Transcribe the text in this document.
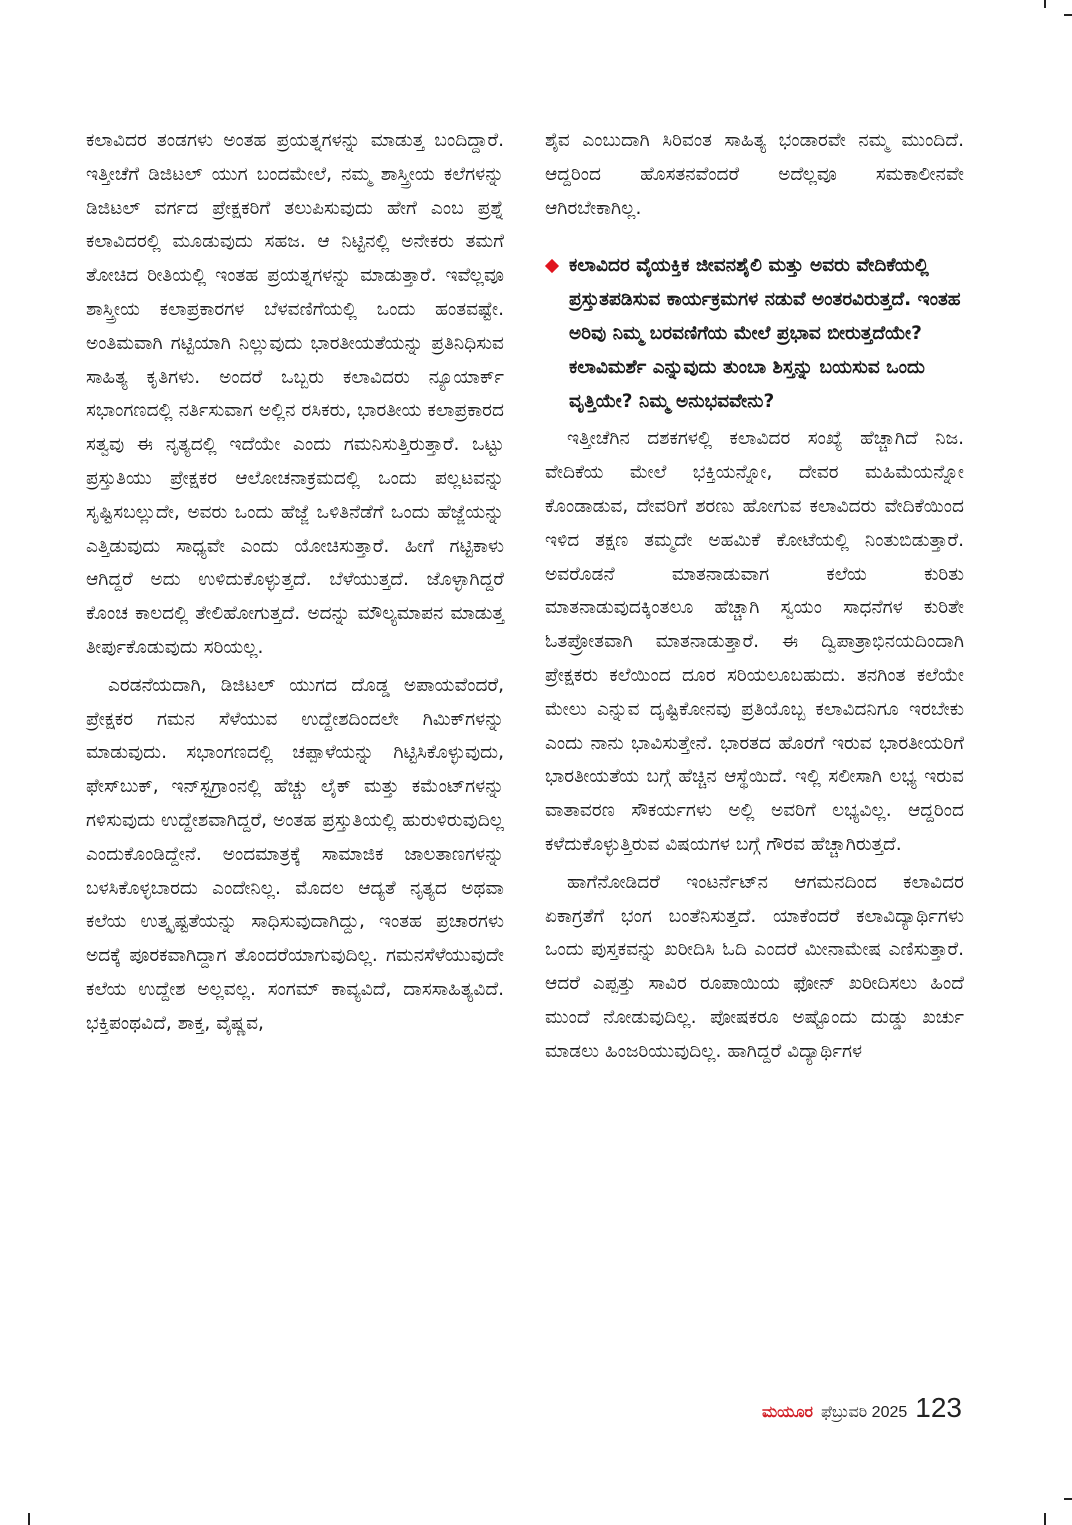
ಕಲಾವಿದರ ತಂಡಗಳು ಅಂತಹ ಪ್ರಯತ್ನಗಳನ್ನು ಮಾಡುತ್ತ ಬಂದಿದ್ದಾರೆ. ಇತ್ತೀಚೆಗೆ ಡಿಜಿಟಲ್ ಯುಗ ಬಂದಮೇಲೆ, ನಮ್ಮ ಶಾಸ್ತ್ರೀಯ ಕಲೆಗಳನ್ನು ಡಿಜಿಟಲ್ ವರ್ಗದ ಪ್ರೇಕ್ಷಕರಿಗೆ ತಲುಪಿಸುವುದು ಹೇಗೆ ಎಂಬ ಪ್ರಶ್ನೆ ಕಲಾವಿದರಲ್ಲಿ ಮೂಡುವುದು ಸಹಜ. ಆ ನಿಟ್ಟಿನಲ್ಲಿ ಅನೇಕರು ತಮಗೆ ತೋಚಿದ ರೀತಿಯಲ್ಲಿ ಇಂತಹ ಪ್ರಯತ್ನಗಳನ್ನು ಮಾಡುತ್ತಾರೆ. ಇವೆಲ್ಲವೂ ಶಾಸ್ತ್ರೀಯ ಕಲಾಪ್ರಕಾರಗಳ ಬೆಳವಣಿಗೆಯಲ್ಲಿ ಒಂದು ಹಂತವಷ್ಟೇ. ಅಂತಿಮವಾಗಿ ಗಟ್ಟಿಯಾಗಿ ನಿಲ್ಲುವುದು ಭಾರತೀಯತೆಯನ್ನು ಪ್ರತಿನಿಧಿಸುವ ಸಾಹಿತ್ಯ ಕೃತಿಗಳು. ಅಂದರೆ ಒಬ್ಬರು ಕಲಾವಿದರು ನ್ಯೂಯಾರ್ಕ್ ಸಭಾಂಗಣದಲ್ಲಿ ನರ್ತಿಸುವಾಗ ಅಲ್ಲಿನ ರಸಿಕರು, ಭಾರತೀಯ ಕಲಾಪ್ರಕಾರದ ಸತ್ವವು ಈ ನೃತ್ಯದಲ್ಲಿ ಇದೆಯೇ ಎಂದು ಗಮನಿಸುತ್ತಿರುತ್ತಾರೆ. ಒಟ್ಟು ಪ್ರಸ್ತುತಿಯು ಪ್ರೇಕ್ಷಕರ ಆಲೋಚನಾಕ್ರಮದಲ್ಲಿ ಒಂದು ಪಲ್ಲಟವನ್ನು ಸೃಷ್ಟಿಸಬಲ್ಲುದೇ, ಅವರು ಒಂದು ಹೆಜ್ಜೆ ಒಳಿತಿನೆಡೆಗೆ ಒಂದು ಹೆಜ್ಜೆಯನ್ನು ಎತ್ತಿಡುವುದು ಸಾಧ್ಯವೇ ಎಂದು ಯೋಚಿಸುತ್ತಾರೆ. ಹೀಗೆ ಗಟ್ಟಿಕಾಳು ಆಗಿದ್ದರೆ ಅದು ಉಳಿದುಕೊಳ್ಳುತ್ತದೆ. ಬೆಳೆಯುತ್ತದೆ. ಜೊಳ್ಳಾಗಿದ್ದರೆ ಕೊಂಚ ಕಾಲದಲ್ಲಿ ತೇಲಿಹೋಗುತ್ತದೆ. ಅದನ್ನು ಮೌಲ್ಯಮಾಪನ ಮಾಡುತ್ತ ತೀರ್ಪುಕೊಡುವುದು ಸರಿಯಲ್ಲ.

ಎರಡನೆಯದಾಗಿ, ಡಿಜಿಟಲ್ ಯುಗದ ದೊಡ್ಡ ಅಪಾಯವೆಂದರೆ, ಪ್ರೇಕ್ಷಕರ ಗಮನ ಸೆಳೆಯುವ ಉದ್ದೇಶದಿಂದಲೇ ಗಿಮಿಕ್‌ಗಳನ್ನು ಮಾಡುವುದು. ಸಭಾಂಗಣದಲ್ಲಿ ಚಪ್ಪಾಳೆಯನ್ನು ಗಿಟ್ಟಿಸಿಕೊಳ್ಳುವುದು, ಫೇಸ್‌ಬುಕ್, ಇನ್‌ಸ್ಟಗ್ರಾಂನಲ್ಲಿ ಹೆಚ್ಚು ಲೈಕ್ ಮತ್ತು ಕಮೆಂಟ್‌ಗಳನ್ನು ಗಳಿಸುವುದು ಉದ್ದೇಶವಾಗಿದ್ದರೆ, ಅಂತಹ ಪ್ರಸ್ತುತಿಯಲ್ಲಿ ಹುರುಳಿರುವುದಿಲ್ಲ ಎಂದುಕೊಂಡಿದ್ದೇನೆ. ಅಂದಮಾತ್ರಕ್ಕೆ ಸಾಮಾಜಿಕ ಜಾಲತಾಣಗಳನ್ನು ಬಳಸಿಕೊಳ್ಳಬಾರದು ಎಂದೇನಿಲ್ಲ. ಮೊದಲ ಆದ್ಯತೆ ನೃತ್ಯದ ಅಥವಾ ಕಲೆಯ ಉತ್ಕೃಷ್ಟತೆಯನ್ನು ಸಾಧಿಸುವುದಾಗಿದ್ದು, ಇಂತಹ ಪ್ರಚಾರಗಳು ಅದಕ್ಕೆ ಪೂರಕವಾಗಿದ್ದಾಗ ತೊಂದರೆಯಾಗುವುದಿಲ್ಲ. ಗಮನಸೆಳೆಯುವುದೇ ಕಲೆಯ ಉದ್ದೇಶ ಅಲ್ಲವಲ್ಲ. ಸಂಗಮ್ ಕಾವ್ಯವಿದೆ, ದಾಸಸಾಹಿತ್ಯವಿದೆ. ಭಕ್ತಿಪಂಥವಿದೆ, ಶಾಕ್ತ, ವೈಷ್ಣವ,

ಶೈವ ಎಂಬುದಾಗಿ ಸಿರಿವಂತ ಸಾಹಿತ್ಯ ಭಂಡಾರವೇ ನಮ್ಮ ಮುಂದಿದೆ. ಆದ್ದರಿಂದ ಹೊಸತನವೆಂದರೆ ಅದೆಲ್ಲವೂ ಸಮಕಾಲೀನವೇ ಆಗಿರಬೇಕಾಗಿಲ್ಲ.

ಕಲಾವಿದರ ವೈಯಕ್ತಿಕ ಜೀವನಶೈಲಿ ಮತ್ತು ಅವರು ವೇದಿಕೆಯಲ್ಲಿ ಪ್ರಸ್ತುತಪಡಿಸುವ ಕಾರ್ಯಕ್ರಮಗಳ ನಡುವೆ ಅಂತರವಿರುತ್ತದೆ. ಇಂತಹ ಅರಿವು ನಿಮ್ಮ ಬರವಣಿಗೆಯ ಮೇಲೆ ಪ್ರಭಾವ ಬೀರುತ್ತದೆಯೇ? ಕಲಾವಿಮರ್ಶೆ ಎನ್ನುವುದು ತುಂಬಾ ಶಿಸ್ತನ್ನು ಬಯಸುವ ಒಂದು ವೃತ್ತಿಯೇ? ನಿಮ್ಮ ಅನುಭವವೇನು?

ಇತ್ತೀಚೆಗಿನ ದಶಕಗಳಲ್ಲಿ ಕಲಾವಿದರ ಸಂಖ್ಯೆ ಹೆಚ್ಚಾಗಿದೆ ನಿಜ. ವೇದಿಕೆಯ ಮೇಲೆ ಭಕ್ತಿಯನ್ನೋ, ದೇವರ ಮಹಿಮೆಯನ್ನೋ ಕೊಂಡಾಡುವ, ದೇವರಿಗೆ ಶರಣು ಹೋಗುವ ಕಲಾವಿದರು ವೇದಿಕೆಯಿಂದ ಇಳಿದ ತಕ್ಷಣ ತಮ್ಮದೇ ಅಹಮಿಕೆ ಕೋಟೆಯಲ್ಲಿ ನಿಂತುಬಿಡುತ್ತಾರೆ. ಅವರೊಡನೆ ಮಾತನಾಡುವಾಗ ಕಲೆಯ ಕುರಿತು ಮಾತನಾಡುವುದಕ್ಕಿಂತಲೂ ಹೆಚ್ಚಾಗಿ ಸ್ವಯಂ ಸಾಧನೆಗಳ ಕುರಿತೇ ಓತಪ್ರೋತವಾಗಿ ಮಾತನಾಡುತ್ತಾರೆ. ಈ ದ್ವಿಪಾತ್ರಾಭಿನಯದಿಂದಾಗಿ ಪ್ರೇಕ್ಷಕರು ಕಲೆಯಿಂದ ದೂರ ಸರಿಯಲೂಬಹುದು. ತನಗಿಂತ ಕಲೆಯೇ ಮೇಲು ಎನ್ನುವ ದೃಷ್ಟಿಕೋನವು ಪ್ರತಿಯೊಬ್ಬ ಕಲಾವಿದನಿಗೂ ಇರಬೇಕು ಎಂದು ನಾನು ಭಾವಿಸುತ್ತೇನೆ. ಭಾರತದ ಹೊರಗೆ ಇರುವ ಭಾರತೀಯರಿಗೆ ಭಾರತೀಯತೆಯ ಬಗ್ಗೆ ಹೆಚ್ಚಿನ ಆಸ್ಥೆಯಿದೆ. ಇಲ್ಲಿ ಸಲೀಸಾಗಿ ಲಭ್ಯ ಇರುವ ವಾತಾವರಣ ಸೌಕರ್ಯಗಳು ಅಲ್ಲಿ ಅವರಿಗೆ ಲಭ್ಯವಿಲ್ಲ. ಆದ್ದರಿಂದ ಕಳೆದುಕೊಳ್ಳುತ್ತಿರುವ ವಿಷಯಗಳ ಬಗ್ಗೆ ಗೌರವ ಹೆಚ್ಚಾಗಿರುತ್ತದೆ.

ಹಾಗೆನೋಡಿದರೆ ಇಂಟರ್ನೆಟ್‌ನ ಆಗಮನದಿಂದ ಕಲಾವಿದರ ಏಕಾಗ್ರತೆಗೆ ಭಂಗ ಬಂತೆನಿಸುತ್ತದೆ. ಯಾಕೆಂದರೆ ಕಲಾವಿದ್ಯಾರ್ಥಿಗಳು ಒಂದು ಪುಸ್ತಕವನ್ನು ಖರೀದಿಸಿ ಓದಿ ಎಂದರೆ ಮೀನಾಮೇಷ ಎಣಿಸುತ್ತಾರೆ. ಆದರೆ ಎಪ್ಪತ್ತು ಸಾವಿರ ರೂಪಾಯಿಯ ಫೋನ್ ಖರೀದಿಸಲು ಹಿಂದೆ ಮುಂದೆ ನೋಡುವುದಿಲ್ಲ. ಪೋಷಕರೂ ಅಷ್ಟೊಂದು ದುಡ್ಡು ಖರ್ಚು ಮಾಡಲು ಹಿಂಜರಿಯುವುದಿಲ್ಲ. ಹಾಗಿದ್ದರೆ ವಿದ್ಯಾರ್ಥಿಗಳ

ಮಯೂರ ಫೆಬ್ರುವರಿ 2025 123
